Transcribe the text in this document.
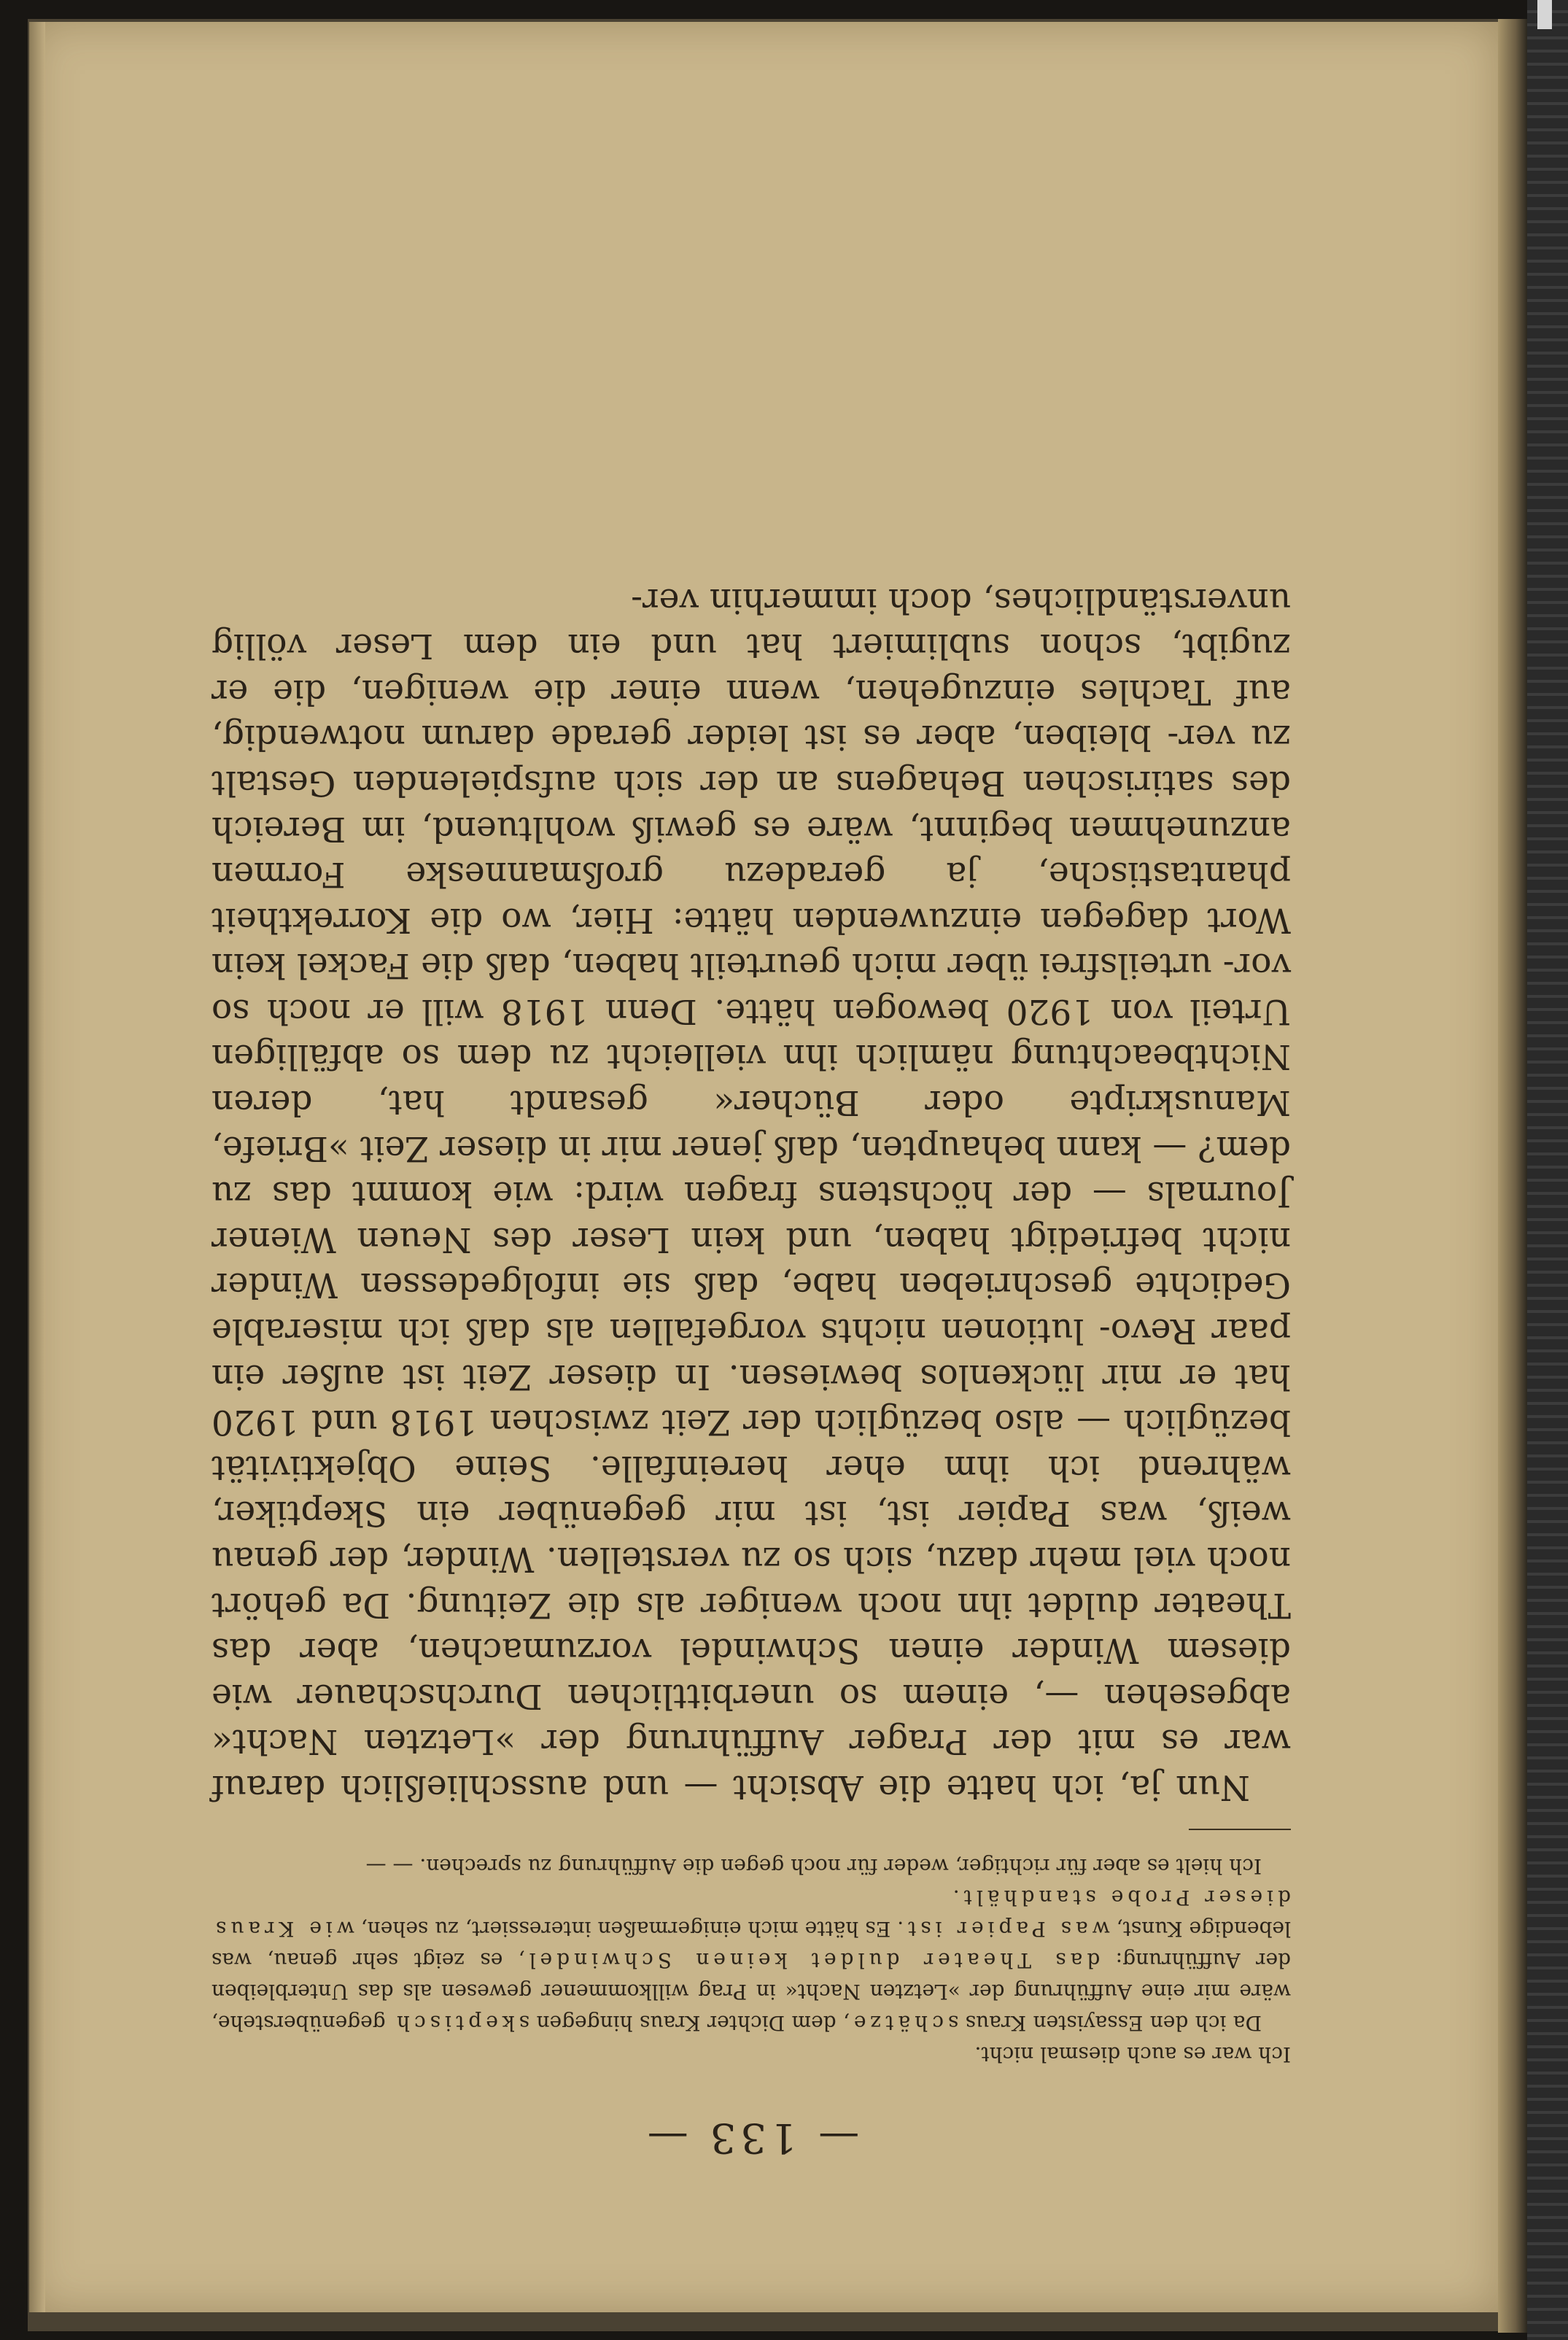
— 133 —

Ich war es auch diesmal nicht.

Da ich den Essayisten Kraus schätze, dem Dichter Kraus hingegen skeptisch gegenüberstehe, wäre mir eine Aufführung der »Letzten Nacht« in Prag willkommener gewesen als das Unterbleiben der Aufführung: das Theater duldet keinen Schwindel, es zeigt sehr genau, was lebendige Kunst, was Papier ist. Es hätte mich einigermaßen interessiert, zu sehen, wie Kraus dieser Probe standhält.

Ich hielt es aber für richtiger, weder für noch gegen die Aufführung zu sprechen. — —

Nun ja, ich hatte die Absicht — und ausschließlich darauf war es mit der Prager Aufführung der »Letzten Nacht« abgesehen —, einem so unerbittlichen Durchschauer wie diesem Winder einen Schwindel vorzumachen, aber das Theater duldet ihn noch weniger als die Zeitung. Da gehört noch viel mehr dazu, sich so zu verstellen. Winder, der genau weiß, was Papier ist, ist mir gegenüber ein Skeptiker, während ich ihm eher hereinfalle. Seine Objektivität bezüglich — also bezüglich der Zeit zwischen 1918 und 1920 hat er mir lückenlos bewiesen. In dieser Zeit ist außer ein paar Revo- lutionen nichts vorgefallen als daß ich miserable Gedichte geschrieben habe, daß sie infolgedessen Winder nicht befriedigt haben, und kein Leser des Neuen Wiener Journals — der höchstens fragen wird: wie kommt das zu dem? — kann behaupten, daß jener mir in dieser Zeit »Briefe, Manuskripte oder Bücher« gesandt hat, deren Nichtbeachtung nämlich ihn vielleicht zu dem so abfälligen Urteil von 1920 bewogen hätte. Denn 1918 will er noch so vor- urteilsfrei über mich geurteilt haben, daß die Fackel kein Wort dagegen einzuwenden hätte: Hier, wo die Korrektheit phantastische, ja geradezu großmanneske Formen anzunehmen beginnt, wäre es gewiß wohltuend, im Bereich des satirischen Behagens an der sich aufspielenden Gestalt zu ver- bleiben, aber es ist leider gerade darum notwendig, auf Tachles einzugehen, wenn einer die wenigen, die er zugibt, schon sublimiert hat und ein dem Leser völlig unverständliches, doch immerhin ver-
